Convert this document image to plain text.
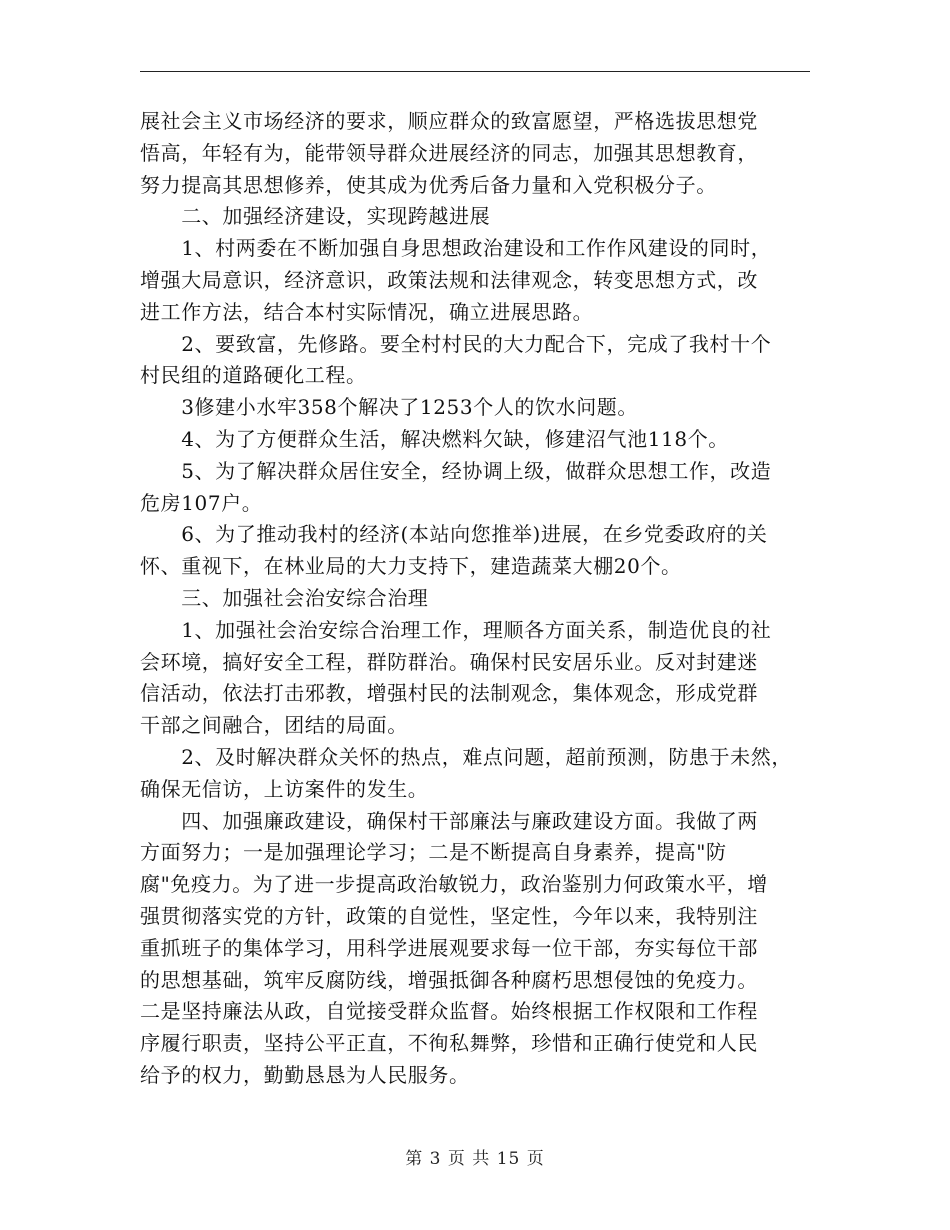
展社会主义市场经济的要求，顺应群众的致富愿望，严格选拔思想党
悟高，年轻有为，能带领导群众进展经济的同志，加强其思想教育，
努力提高其思想修养，使其成为优秀后备力量和入党积极分子。
　　二、加强经济建设，实现跨越进展
　　1、村两委在不断加强自身思想政治建设和工作作风建设的同时，
增强大局意识，经济意识，政策法规和法律观念，转变思想方式，改
进工作方法，结合本村实际情况，确立进展思路。
　　2、要致富，先修路。要全村村民的大力配合下，完成了我村十个
村民组的道路硬化工程。
　　3修建小水牢358个解决了1253个人的饮水问题。
　　4、为了方便群众生活，解决燃料欠缺，修建沼气池118个。
　　5、为了解决群众居住安全，经协调上级，做群众思想工作，改造
危房107户。
　　6、为了推动我村的经济(本站向您推举)进展，在乡党委政府的关
怀、重视下，在林业局的大力支持下，建造蔬菜大棚20个。
　　三、加强社会治安综合治理
　　1、加强社会治安综合治理工作，理顺各方面关系，制造优良的社
会环境，搞好安全工程，群防群治。确保村民安居乐业。反对封建迷
信活动，依法打击邪教，增强村民的法制观念，集体观念，形成党群
干部之间融合，团结的局面。
　　2、及时解决群众关怀的热点，难点问题，超前预测，防患于未然，
确保无信访，上访案件的发生。
　　四、加强廉政建设，确保村干部廉法与廉政建设方面。我做了两
方面努力；一是加强理论学习；二是不断提高自身素养，提高"防
腐"免疫力。为了进一步提高政治敏锐力，政治鉴别力何政策水平，增
强贯彻落实党的方针，政策的自觉性，坚定性，今年以来，我特别注
重抓班子的集体学习，用科学进展观要求每一位干部，夯实每位干部
的思想基础，筑牢反腐防线，增强抵御各种腐朽思想侵蚀的免疫力。
二是坚持廉法从政，自觉接受群众监督。始终根据工作权限和工作程
序履行职责，坚持公平正直，不徇私舞弊，珍惜和正确行使党和人民
给予的权力，勤勤恳恳为人民服务。
第 3 页 共 15 页
